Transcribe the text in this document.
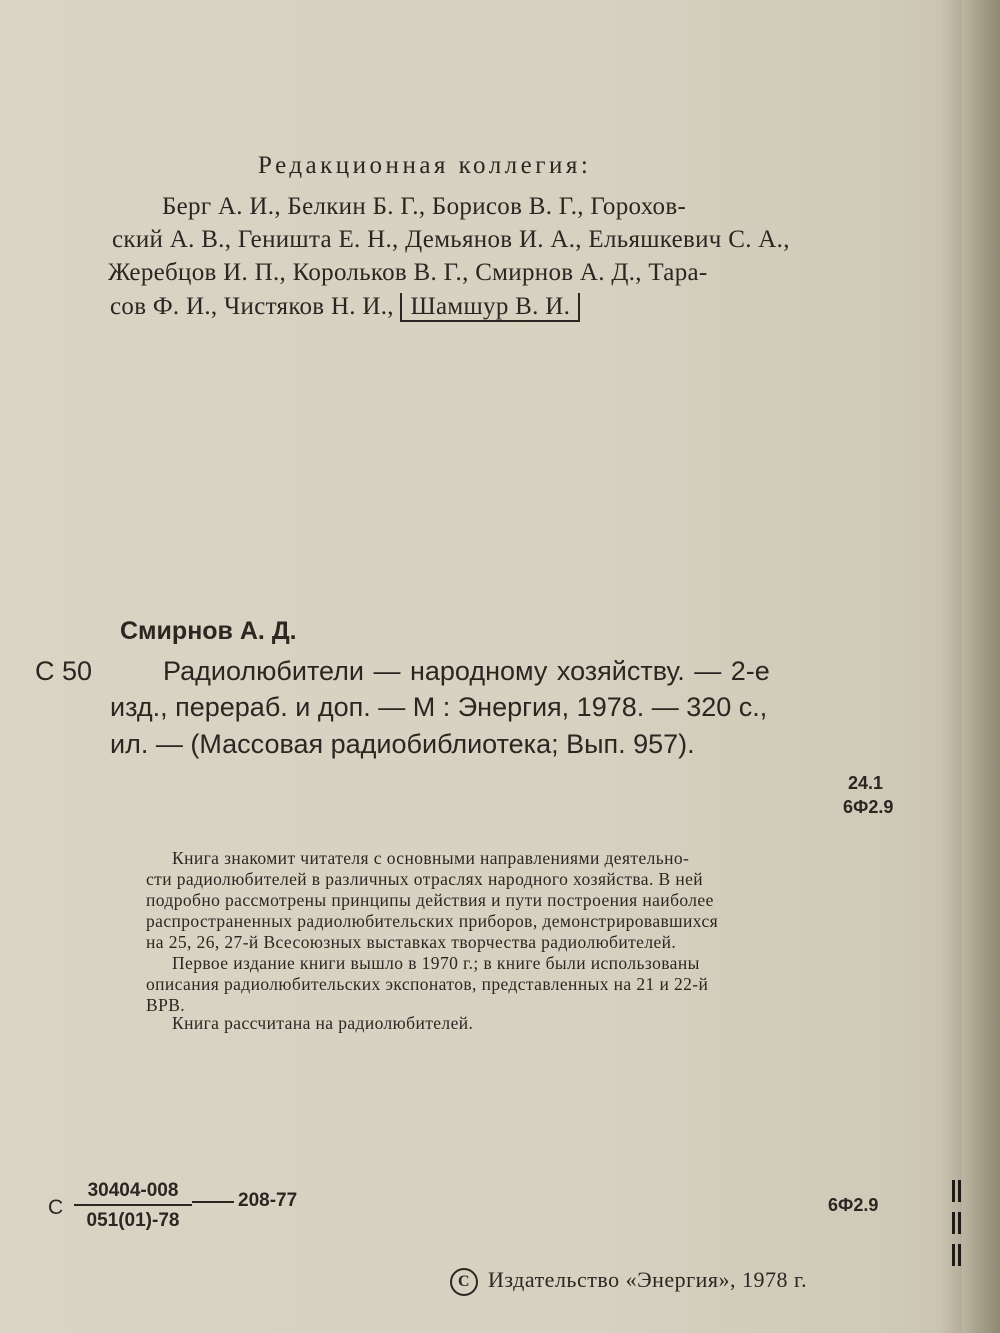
Редакционная коллегия:
Берг А. И., Белкин Б. Г., Борисов В. Г., Горохов-
ский А. В., Геништа Е. Н., Демьянов И. А., Ельяшкевич С. А.,
Жеребцов И. П., Корольков В. Г., Смирнов А. Д., Тара-
сов Ф. И., Чистяков Н. И., Шамшур В. И.
Смирнов А. Д.
С 50	Радиолюбители — народному хозяйству. — 2-е
изд., перераб. и доп. — М : Энергия, 1978. — 320 с.,
ил. — (Массовая радиобиблиотека; Вып. 957).
24.1
6Ф2.9
Книга знакомит читателя с основными направлениями деятельно-
сти радиолюбителей в различных отраслях народного хозяйства. В ней
подробно рассмотрены принципы действия и пути построения наиболее
распространенных радиолюбительских приборов, демонстрировавшихся
на 25, 26, 27-й Всесоюзных выставках творчества радиолюбителей.
Первое издание книги вышло в 1970 г.; в книге были использованы
описания радиолюбительских экспонатов, представленных на 21 и 22-й
ВРВ.
Книга рассчитана на радиолюбителей.
С $\frac{30404-008}{051(01)-78} 208-77$	6Ф2.9
C Издательство «Энергия», 1978 г.
